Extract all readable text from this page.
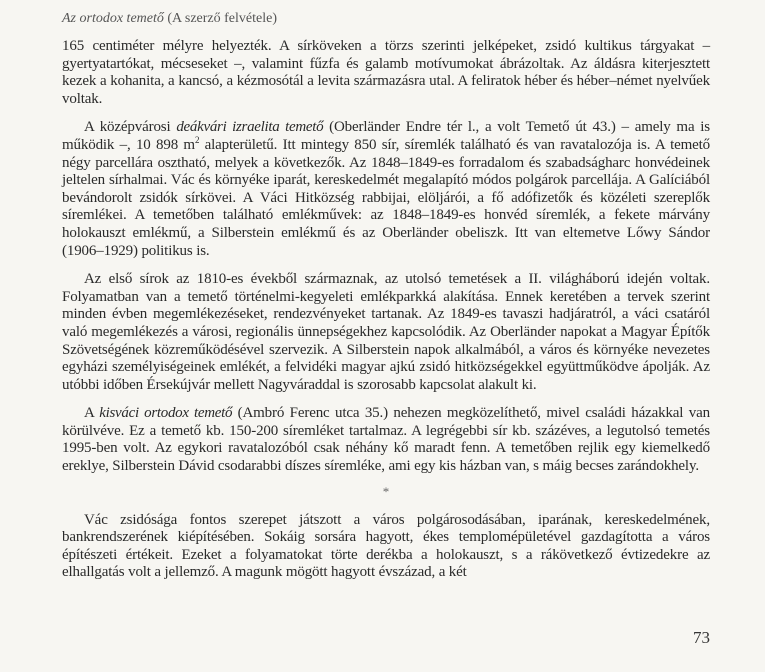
Az ortodox temető (A szerző felvétele)

165 centiméter mélyre helyezték. A sírköveken a törzs szerinti jelképeket, zsidó kultikus tárgyakat – gyertyatartókat, mécseseket –, valamint fűzfa és galamb motívumokat ábrázoltak. Az áldásra kiterjesztett kezek a kohanita, a kancsó, a kézmosótál a levita származásra utal. A feliratok héber és héber–német nyelvűek voltak.

A középvárosi deákvári izraelita temető (Oberländer Endre tér l., a volt Temető út 43.) – amely ma is működik –, 10 898 $m^2$ alapterületű. Itt mintegy 850 sír, síremlék található és van ravatalozója is. A temető négy parcellára osztható, melyek a következők. Az 1848–1849-es forradalom és szabadságharc honvédeinek jeltelen sírhalmai. Vác és környéke iparát, kereskedelmét megalapító módos polgárok parcellája. A Galíciából bevándorolt zsidók sírkövei. A Váci Hitközség rabbijai, elöljárói, a fő adófizetők és közéleti szereplők síremlékei. A temetőben található emlékművek: az 1848–1849-es honvéd síremlék, a fekete márvány holokauszt emlékmű, a Silberstein emlékmű és az Oberländer obeliszk. Itt van eltemetve Lőwy Sándor (1906–1929) politikus is.

Az első sírok az 1810-es évekből származnak, az utolsó temetések a II. világháború idején voltak. Folyamatban van a temető történelmi-kegyeleti emlékparkká alakítása. Ennek keretében a tervek szerint minden évben megemlékezéseket, rendezvényeket tartanak. Az 1849-es tavaszi hadjáratról, a váci csatáról való megemlékezés a városi, regionális ünnepségekhez kapcsolódik. Az Oberländer napokat a Magyar Építők Szövetségének közreműködésével szervezik. A Silberstein napok alkalmából, a város és környéke nevezetes egyházi személyiségeinek emlékét, a felvidéki magyar ajkú zsidó hitközségekkel együttműködve ápolják. Az utóbbi időben Érsekújvár mellett Nagyváraddal is szorosabb kapcsolat alakult ki.

A kisváci ortodox temető (Ambró Ferenc utca 35.) nehezen megközelíthető, mivel családi házakkal van körülvéve. Ez a temető kb. 150-200 síremléket tartalmaz. A legrégebbi sír kb. százéves, a legutolsó temetés 1995-ben volt. Az egykori ravatalozóból csak néhány kő maradt fenn. A temetőben rejlik egy kiemelkedő ereklye, Silberstein Dávid csodarabbi díszes síremléke, ami egy kis házban van, s máig becses zarándokhely.

*

Vác zsidósága fontos szerepet játszott a város polgárosodásában, iparának, kereskedelmének, bankrendszerének kiépítésében. Sokáig sorsára hagyott, ékes templomépületével gazdagította a város építészeti értékeit. Ezeket a folyamatokat törte derékba a holokauszt, s a rákövetkező évtizedekre az elhallgatás volt a jellemző. A magunk mögött hagyott évszázad, a két

73
